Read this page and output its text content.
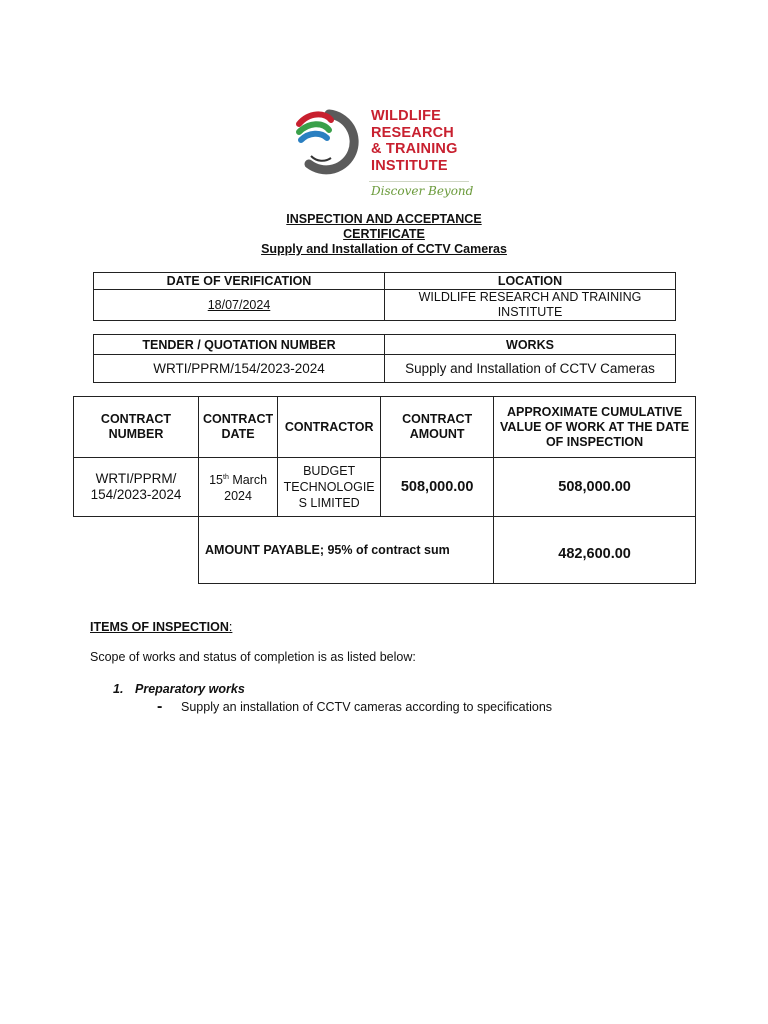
WILDLIFE
RESEARCH
& TRAINING
INSTITUTE
Discover Beyond
INSPECTION AND ACCEPTANCE
CERTIFICATE
Supply and Installation of CCTV Cameras
DATE OF VERIFICATION	LOCATION
18/07/2024	WILDLIFE RESEARCH AND TRAINING INSTITUTE
TENDER / QUOTATION NUMBER	WORKS
WRTI/PPRM/154/2023-2024	Supply and Installation of CCTV Cameras
CONTRACT NUMBER	CONTRACT DATE	CONTRACTOR	CONTRACT AMOUNT	APPROXIMATE CUMULATIVE VALUE OF WORK AT THE DATE OF INSPECTION
WRTI/PPRM/ 154/2023-2024	15th March 2024	BUDGET TECHNOLOGIE S LIMITED	508,000.00	508,000.00
	AMOUNT PAYABLE; 95% of contract sum			482,600.00
ITEMS OF INSPECTION:
Scope of works and status of completion is as listed below:
1. Preparatory works
- Supply an installation of CCTV cameras according to specifications
